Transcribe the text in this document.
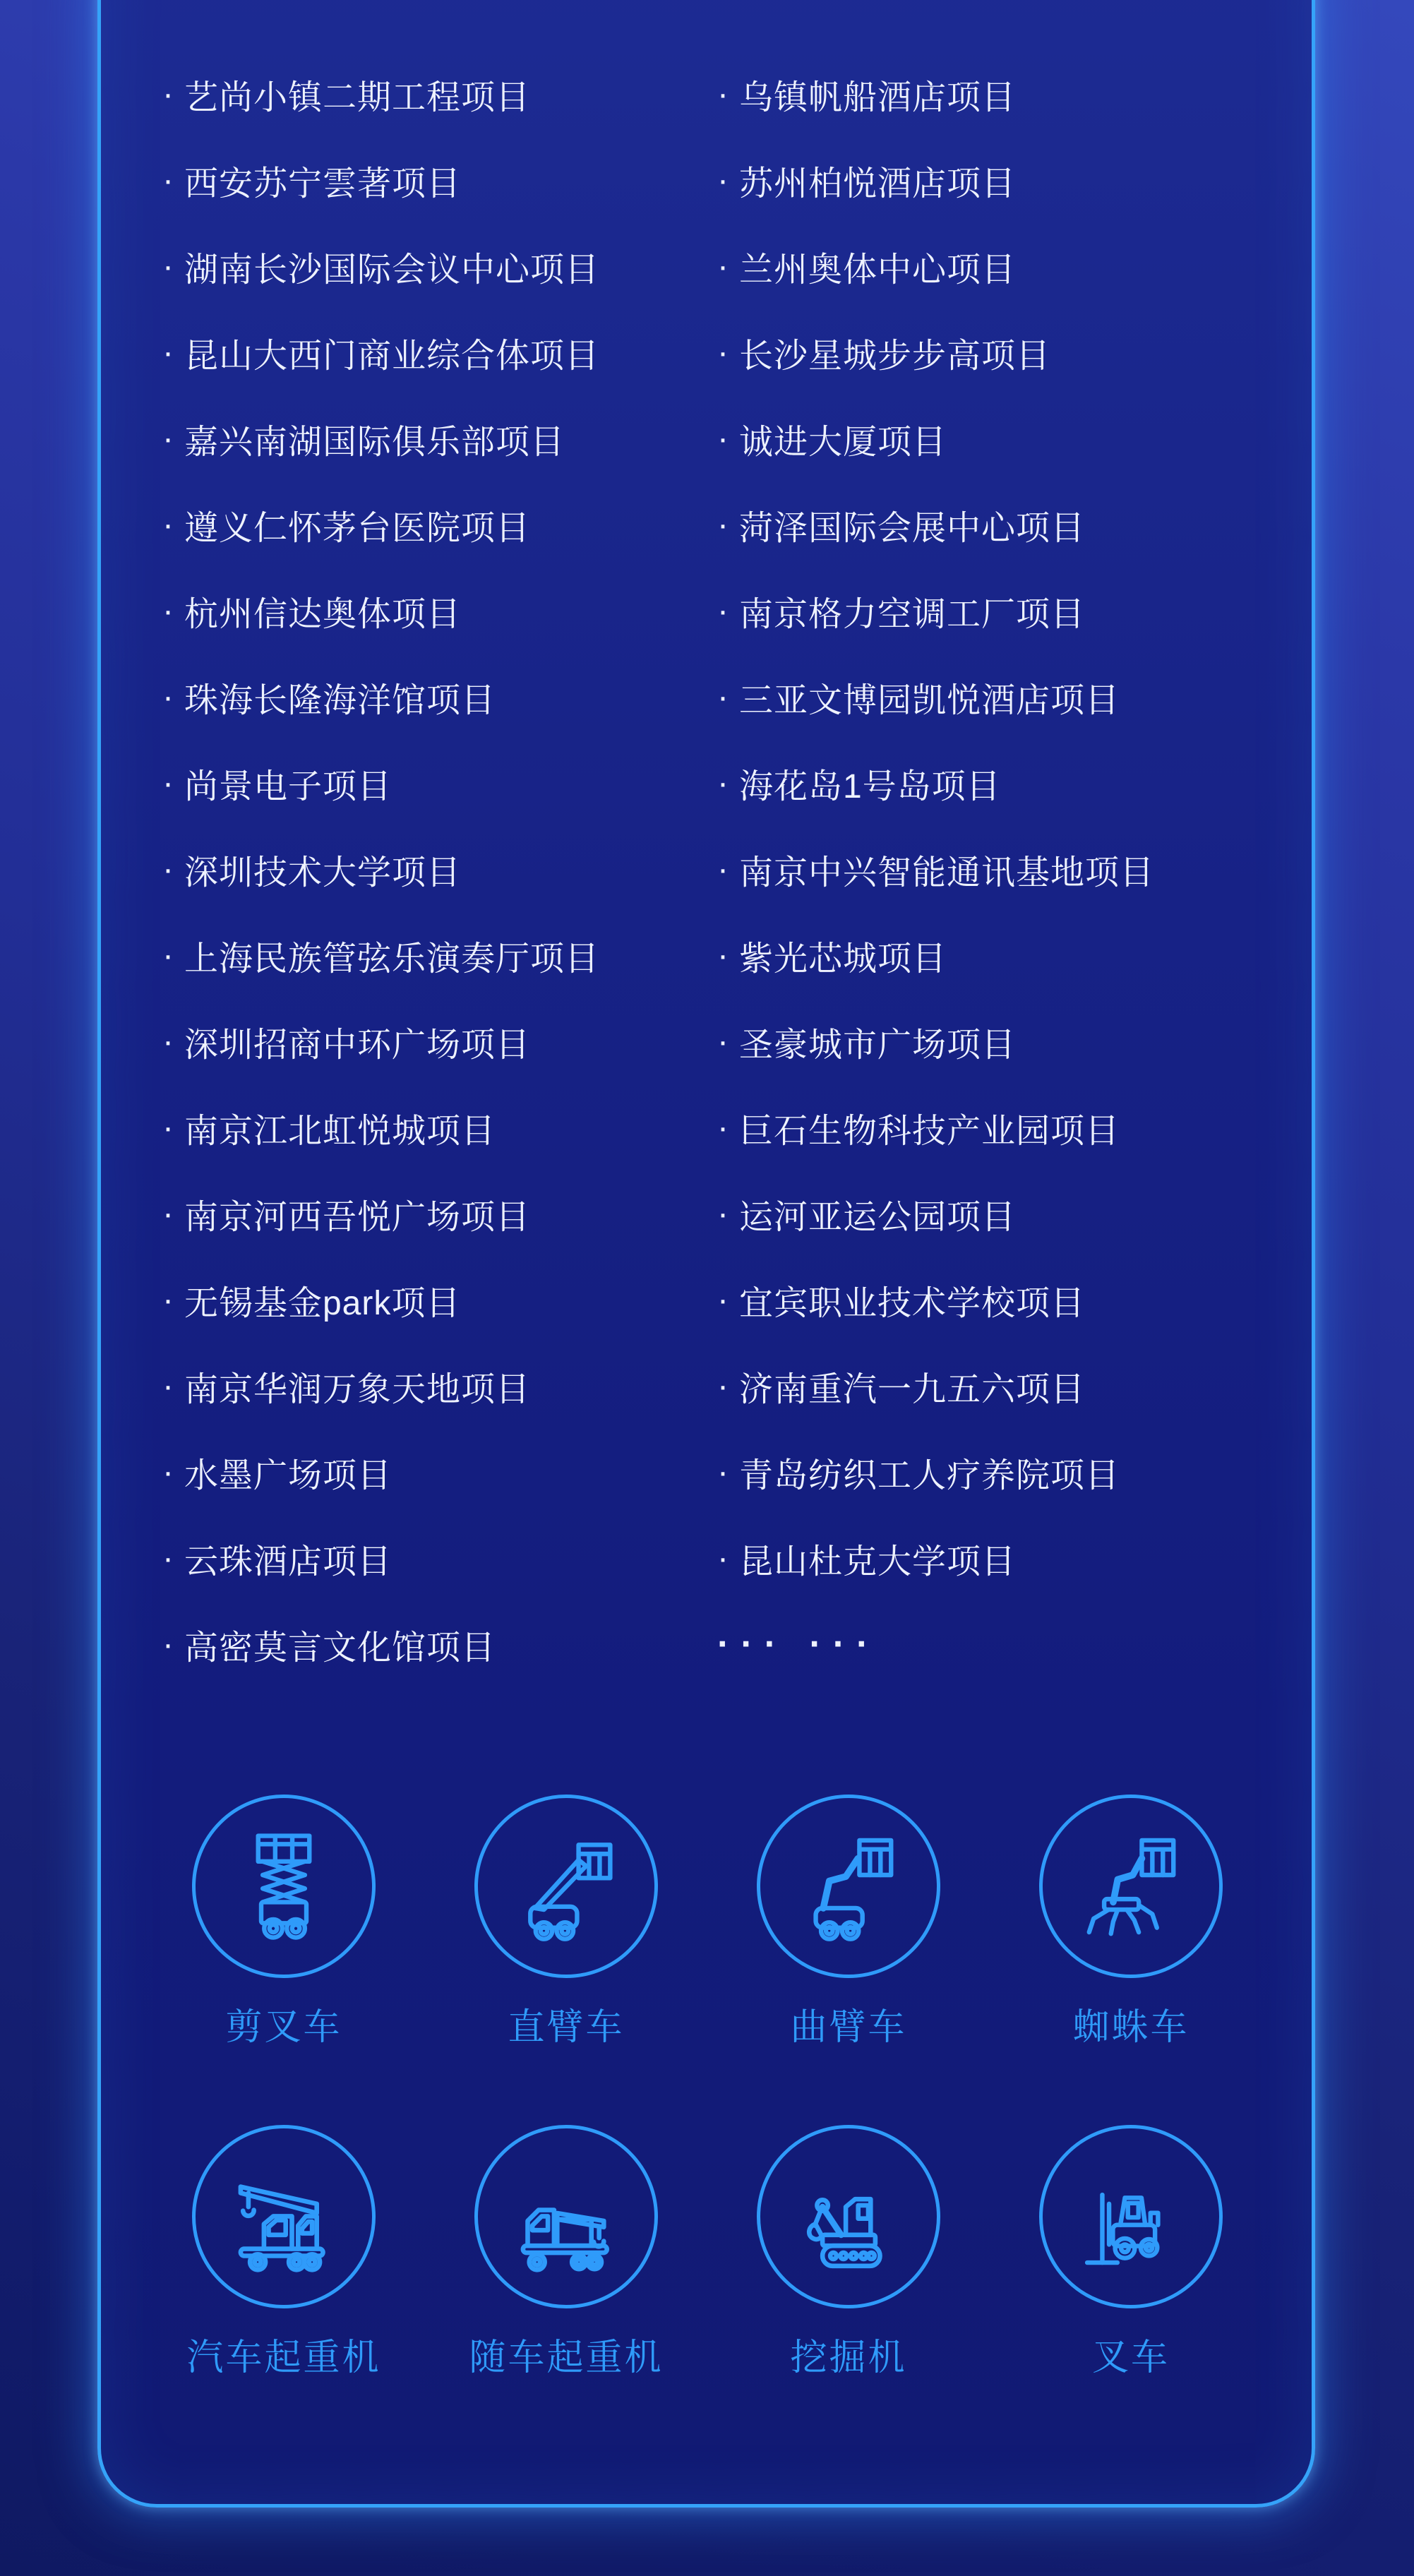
· 艺尚小镇二期工程项目
· 西安苏宁雲著项目
· 湖南长沙国际会议中心项目
· 昆山大西门商业综合体项目
· 嘉兴南湖国际俱乐部项目
· 遵义仁怀茅台医院项目
· 杭州信达奥体项目
· 珠海长隆海洋馆项目
· 尚景电子项目
· 深圳技术大学项目
· 上海民族管弦乐演奏厅项目
· 深圳招商中环广场项目
· 南京江北虹悦城项目
· 南京河西吾悦广场项目
· 无锡基金park项目
· 南京华润万象天地项目
· 水墨广场项目
· 云珠酒店项目
· 高密莫言文化馆项目
· 乌镇帆船酒店项目
· 苏州柏悦酒店项目
· 兰州奥体中心项目
· 长沙星城步步高项目
· 诚进大厦项目
· 菏泽国际会展中心项目
· 南京格力空调工厂项目
· 三亚文博园凯悦酒店项目
· 海花岛1号岛项目
· 南京中兴智能通讯基地项目
· 紫光芯城项目
· 圣豪城市广场项目
· 巨石生物科技产业园项目
· 运河亚运公园项目
· 宜宾职业技术学校项目
· 济南重汽一九五六项目
· 青岛纺织工人疗养院项目
· 昆山杜克大学项目
··· ···
剪叉车	直臂车	曲臂车	蜘蛛车
汽车起重机	随车起重机	挖掘机	叉车
